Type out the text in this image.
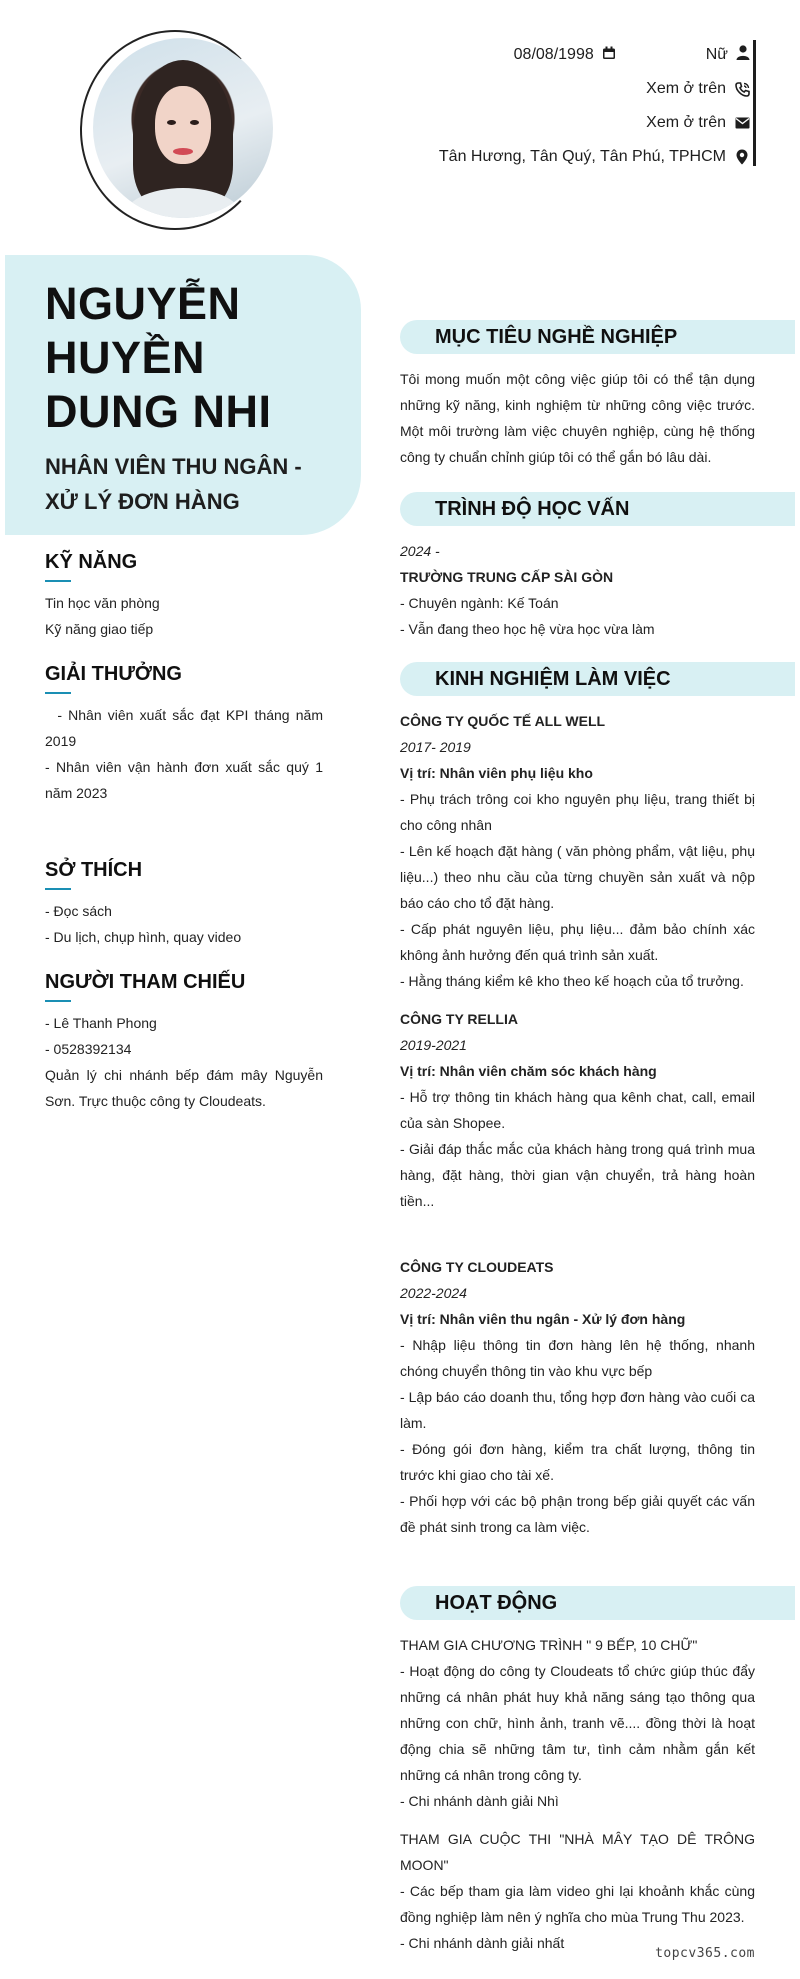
08/08/1998	Nữ
Xem ở trên
Xem ở trên
Tân Hương, Tân Quý, Tân Phú, TPHCM
NGUYỄN HUYỀN DUNG NHI
NHÂN VIÊN THU NGÂN - XỬ LÝ ĐƠN HÀNG
KỸ NĂNG

Tin học văn phòng

Kỹ năng giao tiếp

GIẢI THƯỞNG

- Nhân viên xuất sắc đạt KPI tháng năm 2019

- Nhân viên vận hành đơn xuất sắc quý 1 năm 2023

SỞ THÍCH

- Đọc sách

- Du lịch, chụp hình, quay video

NGƯỜI THAM CHIẾU

- Lê Thanh Phong

- 0528392134

Quản lý chi nhánh bếp đám mây Nguyễn Sơn. Trực thuộc công ty Cloudeats.

MỤC TIÊU NGHỀ NGHIỆP

Tôi mong muốn một công việc giúp tôi có thể tận dụng những kỹ năng, kinh nghiệm từ những công việc trước. Một môi trường làm việc chuyên nghiệp, cùng hệ thống công ty chuẩn chỉnh giúp tôi có thể gắn bó lâu dài.

TRÌNH ĐỘ HỌC VẤN

2024 -

TRƯỜNG TRUNG CẤP SÀI GÒN

- Chuyên ngành: Kế Toán

- Vẫn đang theo học hệ vừa học vừa làm

KINH NGHIỆM LÀM VIỆC

CÔNG TY QUỐC TẾ ALL WELL

2017- 2019

Vị trí: Nhân viên phụ liệu kho

- Phụ trách trông coi kho nguyên phụ liệu, trang thiết bị cho công nhân

- Lên kế hoạch đặt hàng ( văn phòng phẩm, vật liệu, phụ liệu...) theo nhu cầu của từng chuyền sản xuất và nộp báo cáo cho tổ đặt hàng.

- Cấp phát nguyên liệu, phụ liệu... đảm bảo chính xác không ảnh hưởng đến quá trình sản xuất.

- Hằng tháng kiểm kê kho theo kế hoạch của tổ trưởng.

CÔNG TY RELLIA

2019-2021

Vị trí: Nhân viên chăm sóc khách hàng

- Hỗ trợ thông tin khách hàng qua kênh chat, call, email của sàn Shopee.

- Giải đáp thắc mắc của khách hàng trong quá trình mua hàng, đặt hàng, thời gian vận chuyển, trả hàng hoàn tiền...

CÔNG TY CLOUDEATS

2022-2024

Vị trí: Nhân viên thu ngân - Xử lý đơn hàng

- Nhập liệu thông tin đơn hàng lên hệ thống, nhanh chóng chuyển thông tin vào khu vực bếp

- Lập báo cáo doanh thu, tổng hợp đơn hàng vào cuối ca làm.

- Đóng gói đơn hàng, kiểm tra chất lượng, thông tin trước khi giao cho tài xế.

- Phối hợp với các bộ phận trong bếp giải quyết các vấn đề phát sinh trong ca làm việc.

HOẠT ĐỘNG

THAM GIA CHƯƠNG TRÌNH " 9 BẾP, 10 CHỮ"

- Hoạt động do công ty Cloudeats tổ chức giúp thúc đẩy những cá nhân phát huy khả năng sáng tạo thông qua những con chữ, hình ảnh, tranh vẽ.... đồng thời là hoạt động chia sẽ những tâm tư, tình cảm nhằm gắn kết những cá nhân trong công ty.

- Chi nhánh dành giải Nhì

THAM GIA CUỘC THI "NHÀ MÂY TẠO DÊ TRÔNG MOON"

- Các bếp tham gia làm video ghi lại khoảnh khắc cùng đồng nghiệp làm nên ý nghĩa cho mùa Trung Thu 2023.

- Chi nhánh dành giải nhất

topcv365.com
